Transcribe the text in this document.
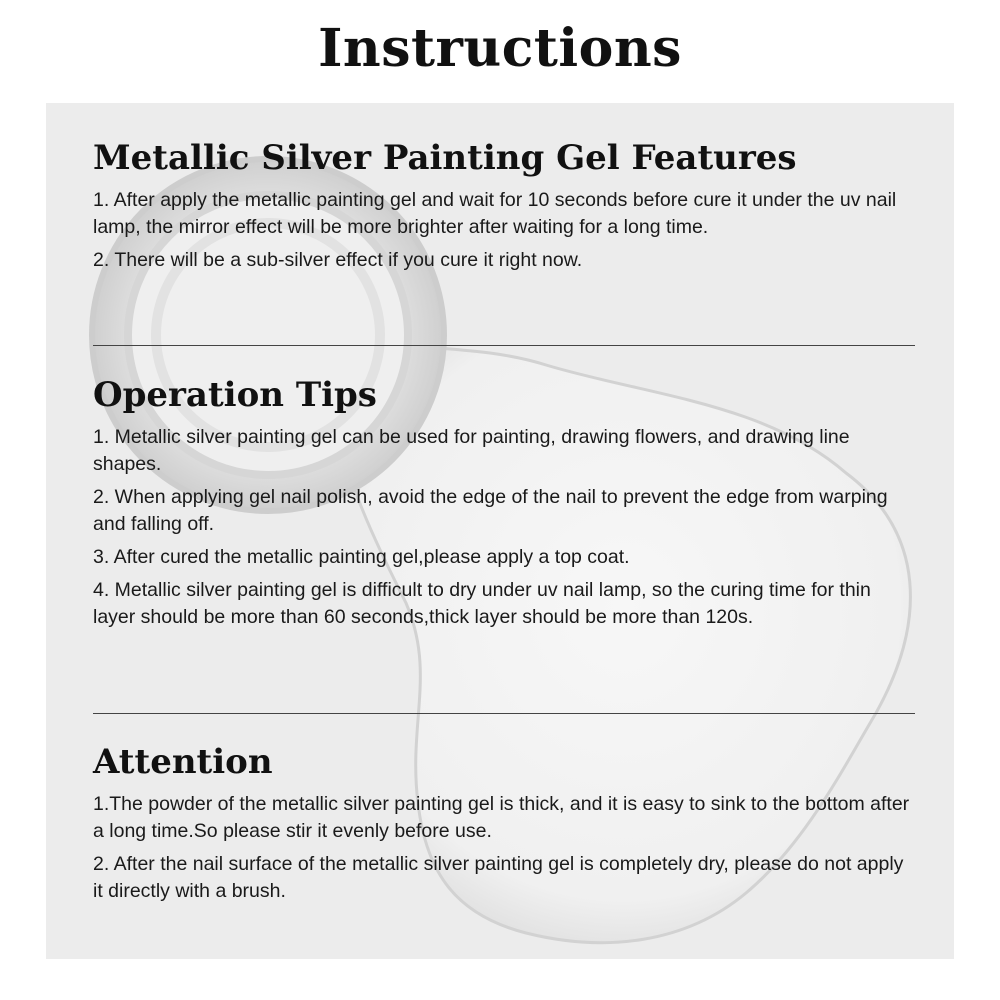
Instructions
Metallic Silver Painting Gel Features

1. After apply the metallic painting gel and wait for 10 seconds before cure it under the uv nail lamp, the mirror effect will be more brighter after waiting for a long time.

2. There will be a sub-silver effect if you cure it right now.

Operation Tips

1. Metallic silver painting gel can be used for painting, drawing flowers, and drawing line shapes.

2. When applying gel nail polish, avoid the edge of the nail to prevent the edge from warping and falling off.

3. After cured the metallic painting gel,please apply a top coat.

4. Metallic silver painting gel is difficult to dry under uv nail lamp, so the curing time for thin layer should be more than 60 seconds,thick layer should be more than 120s.

Attention

1.The powder of the metallic silver painting gel is thick, and it is easy to sink to the bottom after a long time.So please stir it evenly before use.

2. After the nail surface of the metallic silver painting gel is completely dry, please do not apply it directly with a brush.
